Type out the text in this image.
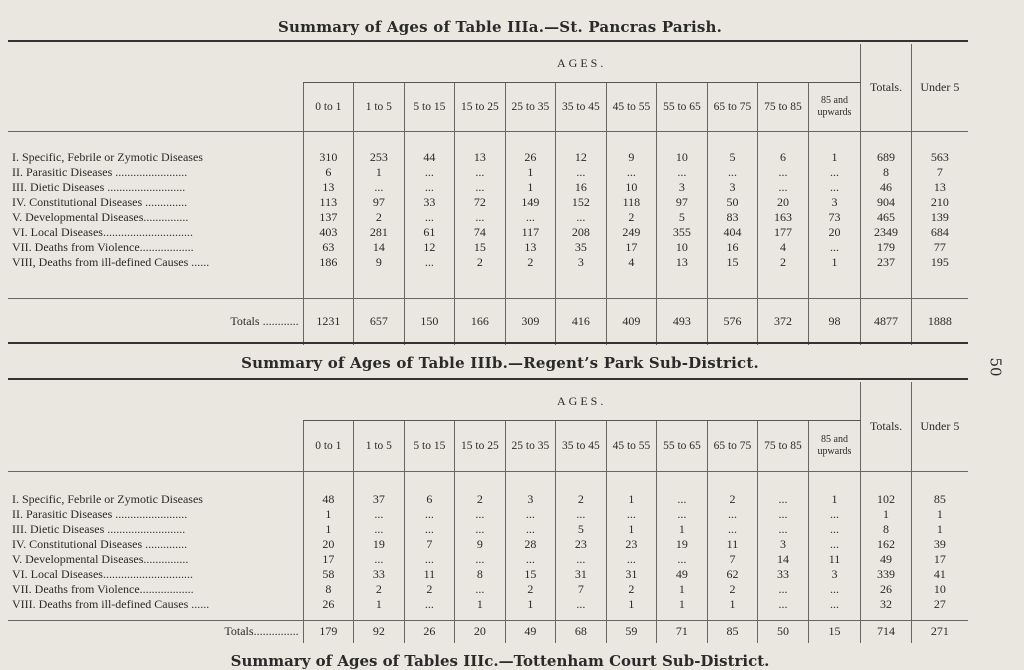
Summary of Ages of Table IIIa.—St. Pancras Parish.
	AGES.											Totals.	Under 5
	0 to 1	1 to 5	5 to 15	15 to 25	25 to 35	35 to 45	45 to 55	55 to 65	65 to 75	75 to 85	85 and upwards		

I. Specific, Febrile or Zymotic Diseases	310	253	44	13	26	12	9	10	5	6	1	689	563
II. Parasitic Diseases ........................	6	1	...	...	1	...	...	...	...	...	...	8	7
III. Dietic Diseases ..........................	13	...	...	...	1	16	10	3	3	...	...	46	13
IV. Constitutional Diseases ..............	113	97	33	72	149	152	118	97	50	20	3	904	210
V. Developmental Diseases...............	137	2	...	...	...	...	2	5	83	163	73	465	139
VI. Local Diseases..............................	403	281	61	74	117	208	249	355	404	177	20	2349	684
VII. Deaths from Violence..................	63	14	12	15	13	35	17	10	16	4	...	179	77
VIII, Deaths from ill-defined Causes ......	186	9	...	2	2	3	4	13	15	2	1	237	195

Totals ............	1231	657	150	166	309	416	409	493	576	372	98	4877	1888
Summary of Ages of Table IIIb.—Regent’s Park Sub-District.
	AGES.											Totals.	Under 5
	0 to 1	1 to 5	5 to 15	15 to 25	25 to 35	35 to 45	45 to 55	55 to 65	65 to 75	75 to 85	85 and upwards		

I. Specific, Febrile or Zymotic Diseases	48	37	6	2	3	2	1	...	2	...	1	102	85
II. Parasitic Diseases ........................	1	...	...	...	...	...	...	...	...	...	...	1	1
III. Dietic Diseases ..........................	1	...	...	...	...	5	1	1	...	...	...	8	1
IV. Constitutional Diseases ..............	20	19	7	9	28	23	23	19	11	3	...	162	39
V. Developmental Diseases...............	17	...	...	...	...	...	...	...	7	14	11	49	17
VI. Local Diseases..............................	58	33	11	8	15	31	31	49	62	33	3	339	41
VII. Deaths from Violence..................	8	2	2	...	2	7	2	1	2	...	...	26	10
VIII. Deaths from ill-defined Causes ......	26	1	...	1	1	...	1	1	1	...	...	32	27

Totals...............	179	92	26	20	49	68	59	71	85	50	15	714	271
50
Summary of Ages of Tables IIIc.—Tottenham Court Sub-District.
